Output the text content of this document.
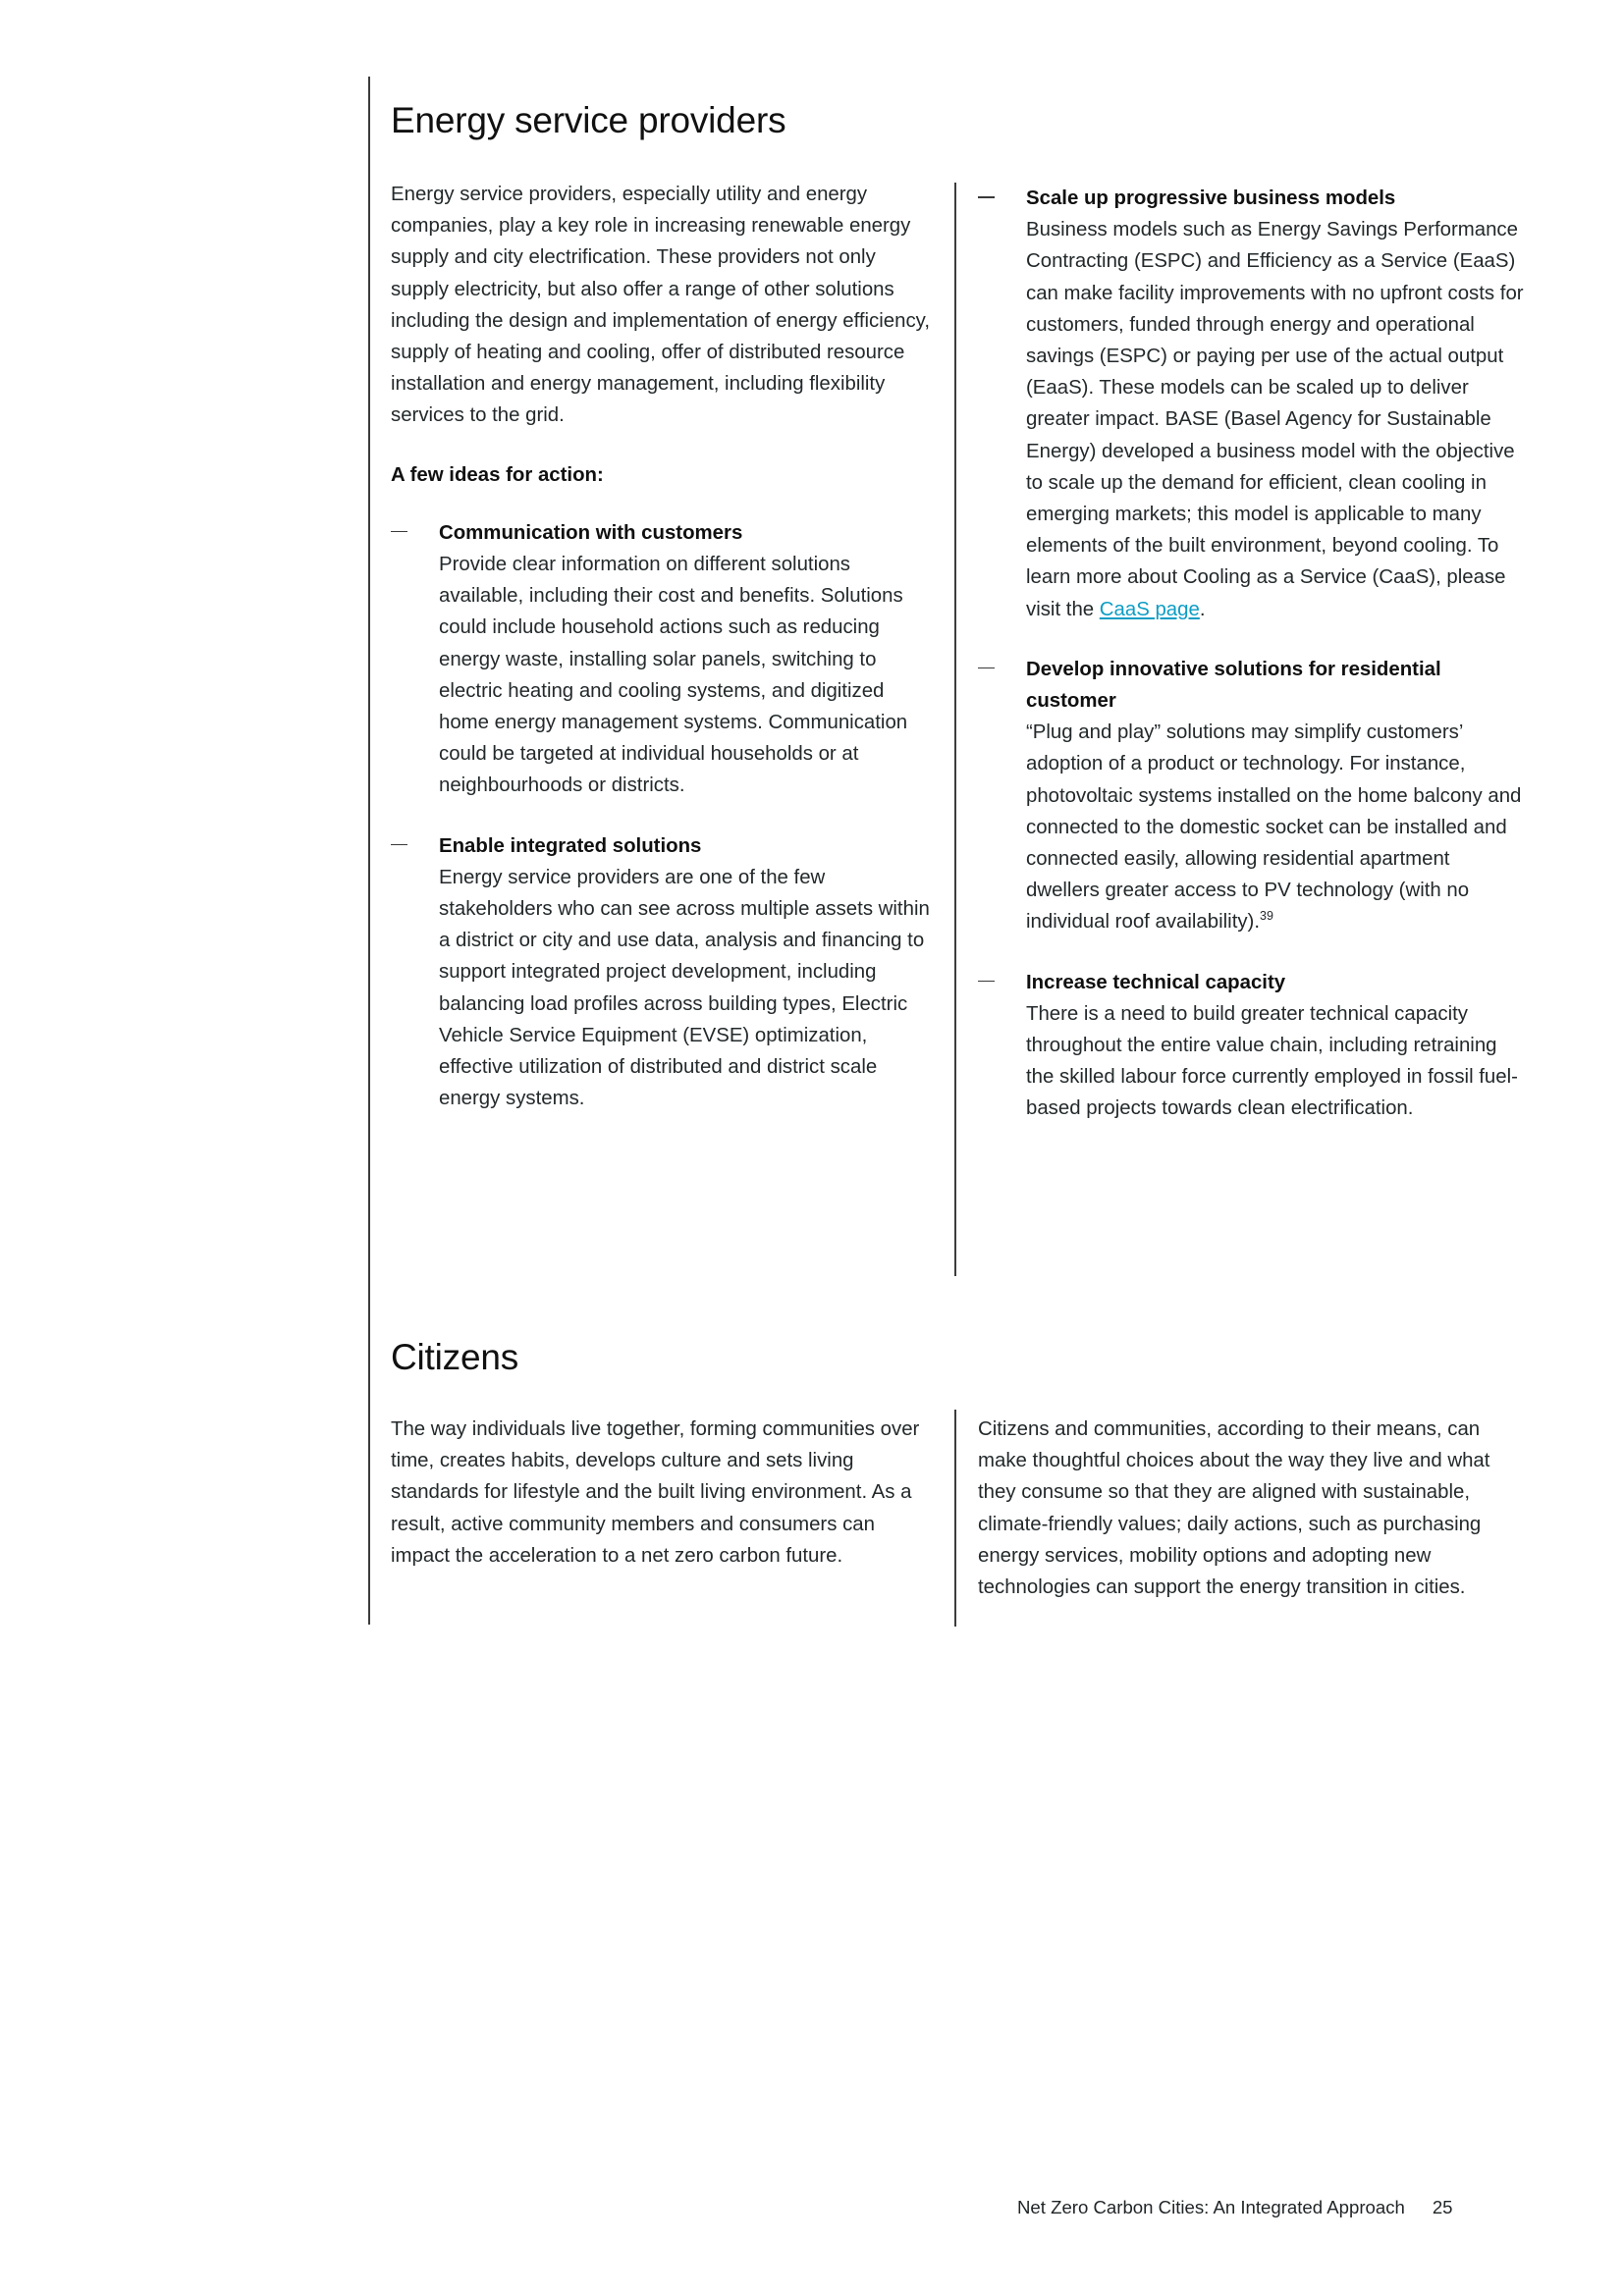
Energy service providers

Energy service providers, especially utility and energy companies, play a key role in increasing renewable energy supply and city electrification. These providers not only supply electricity, but also offer a range of other solutions including the design and implementation of energy efficiency, supply of heating and cooling, offer of distributed resource installation and energy management, including flexibility services to the grid.

A few ideas for action:
Communication with customers
Provide clear information on different solutions available, including their cost and benefits. Solutions could include household actions such as reducing energy waste, installing solar panels, switching to electric heating and cooling systems, and digitized home energy management systems. Communication could be targeted at individual households or at neighbourhoods or districts.
Enable integrated solutions
Energy service providers are one of the few stakeholders who can see across multiple assets within a district or city and use data, analysis and financing to support integrated project development, including balancing load profiles across building types, Electric Vehicle Service Equipment (EVSE) optimization, effective utilization of distributed and district scale energy systems.
Scale up progressive business models
Business models such as Energy Savings Performance Contracting (ESPC) and Efficiency as a Service (EaaS) can make facility improvements with no upfront costs for customers, funded through energy and operational savings (ESPC) or paying per use of the actual output (EaaS). These models can be scaled up to deliver greater impact. BASE (Basel Agency for Sustainable Energy) developed a business model with the objective to scale up the demand for efficient, clean cooling in emerging markets; this model is applicable to many elements of the built environment, beyond cooling. To learn more about Cooling as a Service (CaaS), please visit the CaaS page.
Develop innovative solutions for residential customer
“Plug and play” solutions may simplify customers’ adoption of a product or technology. For instance, photovoltaic systems installed on the home balcony and connected to the domestic socket can be installed and connected easily, allowing residential apartment dwellers greater access to PV technology (with no individual roof availability).$^{39}$
Increase technical capacity
There is a need to build greater technical capacity throughout the entire value chain, including retraining the skilled labour force currently employed in fossil fuel-based projects towards clean electrification.
Citizens

The way individuals live together, forming communities over time, creates habits, develops culture and sets living standards for lifestyle and the built living environment. As a result, active community members and consumers can impact the acceleration to a net zero carbon future.

Citizens and communities, according to their means, can make thoughtful choices about the way they live and what they consume so that they are aligned with sustainable, climate-friendly values; daily actions, such as purchasing energy services, mobility options and adopting new technologies can support the energy transition in cities.

Net Zero Carbon Cities: An Integrated Approach 25
